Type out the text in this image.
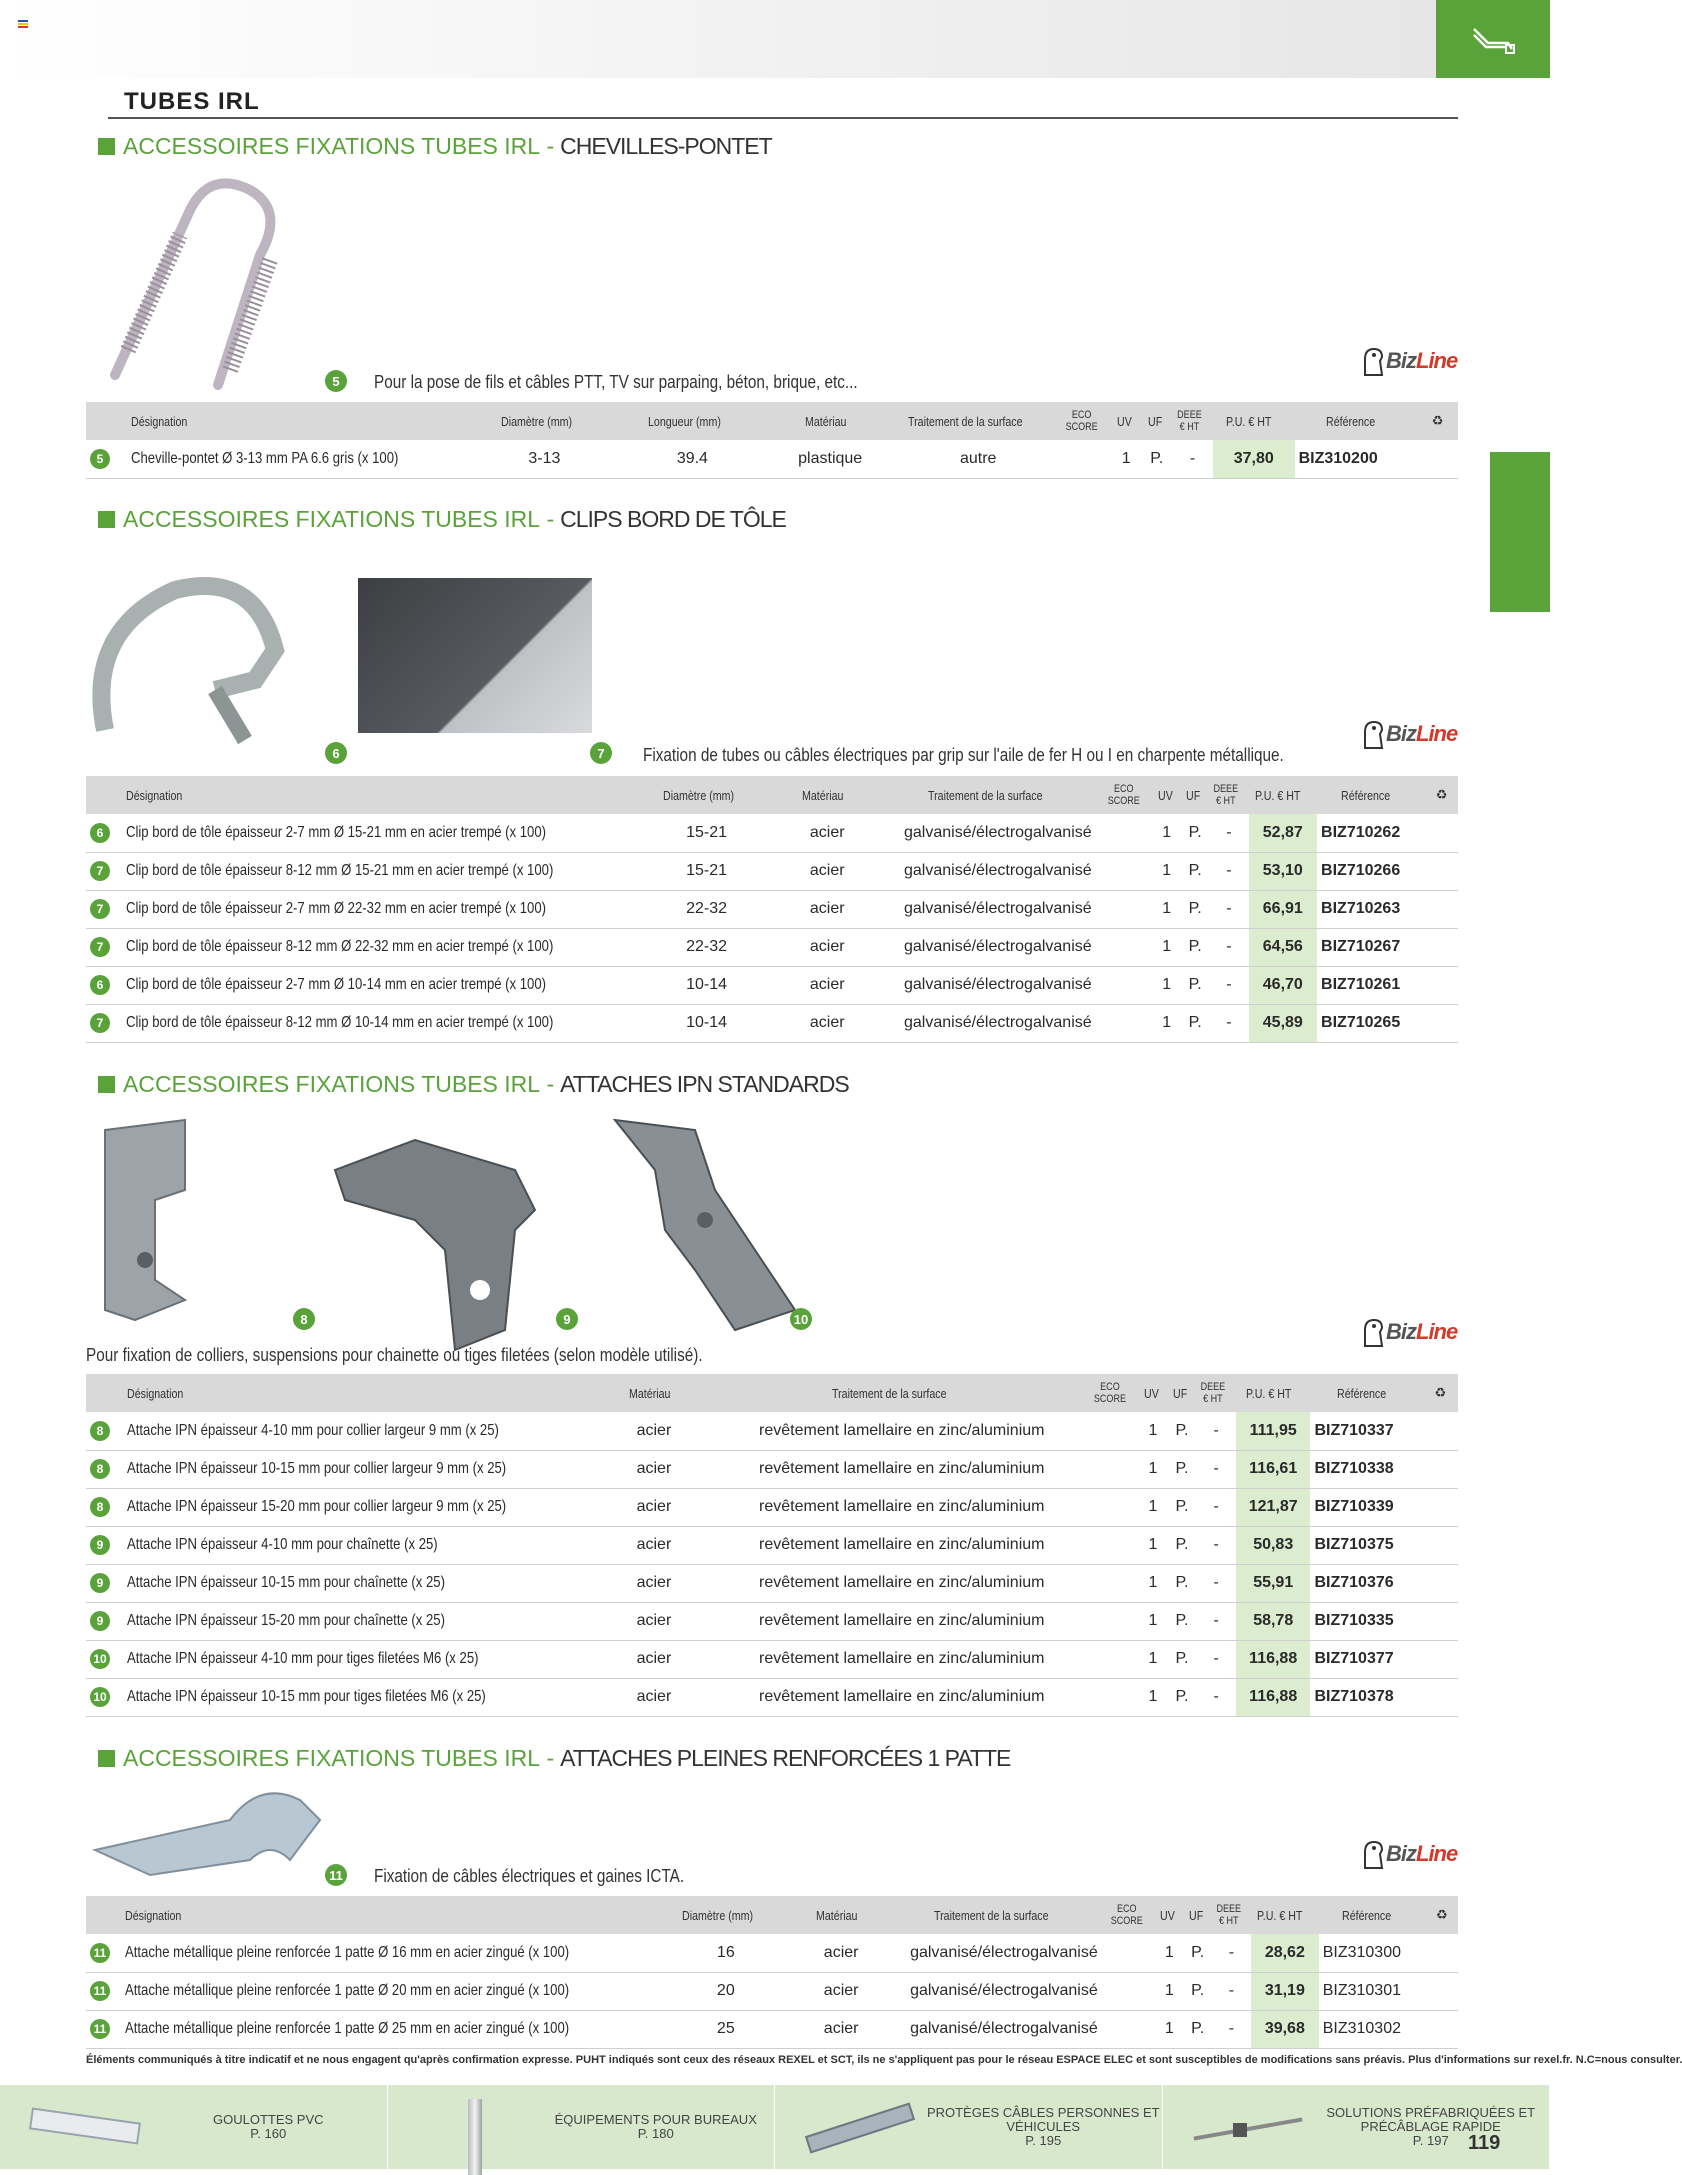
TUBES IRL
ACCESSOIRES FIXATIONS TUBES IRL - CHEVILLES-PONTET
5	Pour la pose de fils et câbles PTT, TV sur parpaing, béton, brique, etc...
BizLine
	Désignation	Diamètre (mm)	Longueur (mm)	Matériau	Traitement de la surface	ECO SCORE	UV	UF	DEEE € HT	P.U. € HT	Référence	♻
5	Cheville-pontet Ø 3-13 mm PA 6.6 gris (x 100)	3-13	39.4	plastique	autre		1	P.	-	37,80	BIZ310200	
ACCESSOIRES FIXATIONS TUBES IRL - CLIPS BORD DE TÔLE
6	7	Fixation de tubes ou câbles électriques par grip sur l'aile de fer H ou I en charpente métallique.
BizLine
	Désignation	Diamètre (mm)	Matériau	Traitement de la surface	ECO SCORE	UV	UF	DEEE € HT	P.U. € HT	Référence	♻
6	Clip bord de tôle épaisseur 2-7 mm Ø 15-21 mm en acier trempé (x 100)	15-21	acier	galvanisé/électrogalvanisé		1	P.	-	52,87	BIZ710262	
7	Clip bord de tôle épaisseur 8-12 mm Ø 15-21 mm en acier trempé (x 100)	15-21	acier	galvanisé/électrogalvanisé		1	P.	-	53,10	BIZ710266	
7	Clip bord de tôle épaisseur 2-7 mm Ø 22-32 mm en acier trempé (x 100)	22-32	acier	galvanisé/électrogalvanisé		1	P.	-	66,91	BIZ710263	
7	Clip bord de tôle épaisseur 8-12 mm Ø 22-32 mm en acier trempé (x 100)	22-32	acier	galvanisé/électrogalvanisé		1	P.	-	64,56	BIZ710267	
6	Clip bord de tôle épaisseur 2-7 mm Ø 10-14 mm en acier trempé (x 100)	10-14	acier	galvanisé/électrogalvanisé		1	P.	-	46,70	BIZ710261	
7	Clip bord de tôle épaisseur 8-12 mm Ø 10-14 mm en acier trempé (x 100)	10-14	acier	galvanisé/électrogalvanisé		1	P.	-	45,89	BIZ710265	
ACCESSOIRES FIXATIONS TUBES IRL - ATTACHES IPN STANDARDS
8	9	10
Pour fixation de colliers, suspensions pour chainette ou tiges filetées (selon modèle utilisé).
BizLine
	Désignation	Matériau	Traitement de la surface	ECO SCORE	UV	UF	DEEE € HT	P.U. € HT	Référence	♻
8	Attache IPN épaisseur 4-10 mm pour collier largeur 9 mm (x 25)	acier	revêtement lamellaire en zinc/aluminium		1	P.	-	111,95	BIZ710337	
8	Attache IPN épaisseur 10-15 mm pour collier largeur 9 mm (x 25)	acier	revêtement lamellaire en zinc/aluminium		1	P.	-	116,61	BIZ710338	
8	Attache IPN épaisseur 15-20 mm pour collier largeur 9 mm (x 25)	acier	revêtement lamellaire en zinc/aluminium		1	P.	-	121,87	BIZ710339	
9	Attache IPN épaisseur 4-10 mm pour chaînette (x 25)	acier	revêtement lamellaire en zinc/aluminium		1	P.	-	50,83	BIZ710375	
9	Attache IPN épaisseur 10-15 mm pour chaînette (x 25)	acier	revêtement lamellaire en zinc/aluminium		1	P.	-	55,91	BIZ710376	
9	Attache IPN épaisseur 15-20 mm pour chaînette (x 25)	acier	revêtement lamellaire en zinc/aluminium		1	P.	-	58,78	BIZ710335	
10	Attache IPN épaisseur 4-10 mm pour tiges filetées M6 (x 25)	acier	revêtement lamellaire en zinc/aluminium		1	P.	-	116,88	BIZ710377	
10	Attache IPN épaisseur 10-15 mm pour tiges filetées M6 (x 25)	acier	revêtement lamellaire en zinc/aluminium		1	P.	-	116,88	BIZ710378	
ACCESSOIRES FIXATIONS TUBES IRL - ATTACHES PLEINES RENFORCÉES 1 PATTE
11 Fixation de câbles électriques et gaines ICTA.
BizLine
	Désignation	Diamètre (mm)	Matériau	Traitement de la surface	ECO SCORE	UV	UF	DEEE € HT	P.U. € HT	Référence	♻
11	Attache métallique pleine renforcée 1 patte Ø 16 mm en acier zingué (x 100)	16	acier	galvanisé/électrogalvanisé		1	P.	-	28,62	BIZ310300	
11	Attache métallique pleine renforcée 1 patte Ø 20 mm en acier zingué (x 100)	20	acier	galvanisé/électrogalvanisé		1	P.	-	31,19	BIZ310301	
11	Attache métallique pleine renforcée 1 patte Ø 25 mm en acier zingué (x 100)	25	acier	galvanisé/électrogalvanisé		1	P.	-	39,68	BIZ310302	
Éléments communiqués à titre indicatif et ne nous engagent qu'après confirmation expresse. PUHT indiqués sont ceux des réseaux REXEL et SCT, ils ne s'appliquent pas pour le réseau ESPACE ELEC et sont susceptibles de modifications sans préavis. Plus d'informations sur rexel.fr. N.C=nous consulter.
GOULOTTES PVC
P. 160
ÉQUIPEMENTS POUR BUREAUX
P. 180
PROTÈGES CÂBLES PERSONNES ET VÉHICULES
P. 195
SOLUTIONS PRÉFABRIQUÉES ET PRÉCÂBLAGE RAPIDE
P. 197 119
